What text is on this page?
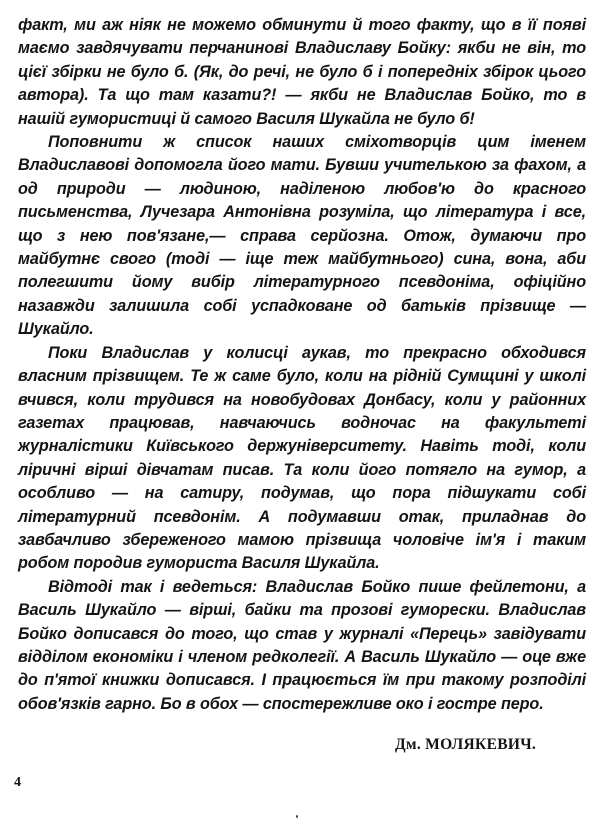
факт, ми аж ніяк не можемо обминути й того факту, що в її появі маємо завдячувати перчанинові Владиславу Бойку: якби не він, то цієї збірки не було б. (Як, до речі, не було б і попередніх збірок цього автора). Та що там казати?! — якби не Владислав Бойко, то в нашій гумористиці й самого Василя Шукайла не було б!

Поповнити ж список наших сміхотворців цим іменем Владиславові допомогла його мати. Бувши учителькою за фахом, а од природи — людиною, наділеною любов'ю до красного письменства, Лучезара Антонівна розуміла, що література і все, що з нею пов'язане,— справа серйозна. Отож, думаючи про майбутнє свого (тоді — іще теж майбутнього) сина, вона, аби полегшити йому вибір літературного псевдоніма, офіційно назавжди залишила собі успадковане од батьків прізвище — Шукайло.

Поки Владислав у колисці аукав, то прекрасно обходився власним прізвищем. Те ж саме було, коли на рідній Сумщині у школі вчився, коли трудився на новобудовах Донбасу, коли у районних газетах працював, навчаючись водночас на факультеті журналістики Київського держуніверситету. Навіть тоді, коли ліричні вірші дівчатам писав. Та коли його потягло на гумор, а особливо — на сатиру, подумав, що пора підшукати собі літературний псевдонім. А подумавши отак, приладнав до завбачливо збереженого мамою прізвища чоловіче ім'я і таким робом породив гумориста Василя Шукайла.

Відтоді так і ведеться: Владислав Бойко пише фейлетони, а Василь Шукайло — вірші, байки та прозові гуморески. Владислав Бойко дописався до того, що став у журналі «Перець» завідувати відділом економіки і членом редколегії. А Василь Шукайло — оце вже до п'ятої книжки дописався. І працюється їм при такому розподілі обов'язків гарно. Бо в обох — спостережливе око і гостре перо.

Дм. МОЛЯКЕВИЧ.
4
